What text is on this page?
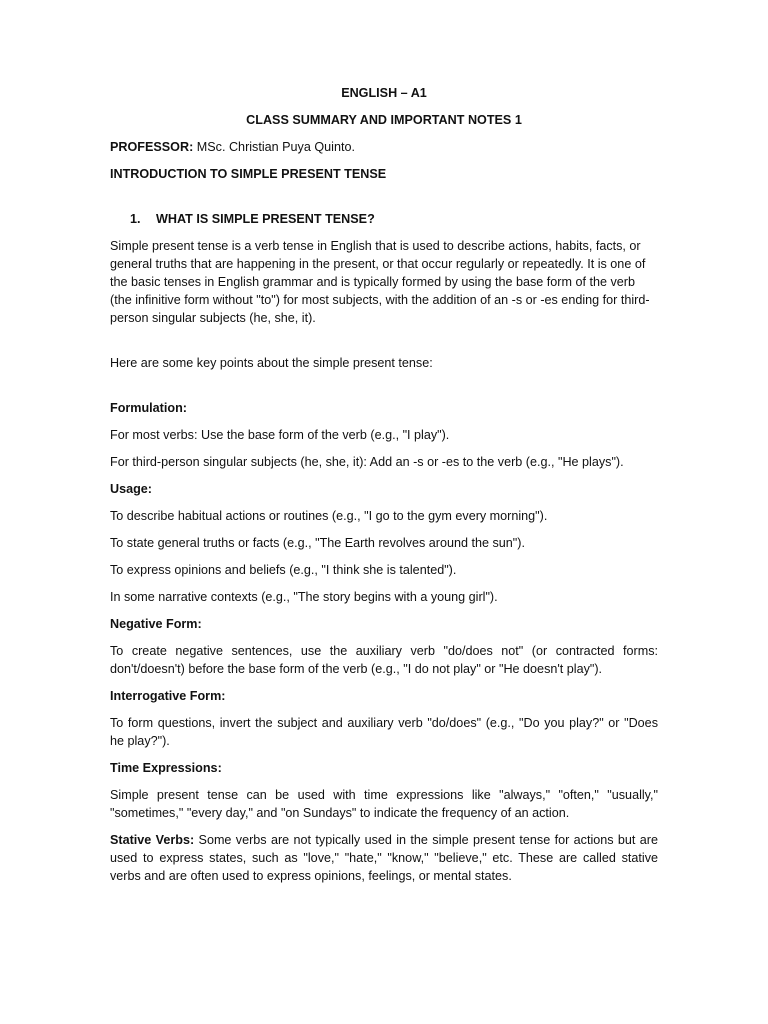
ENGLISH – A1

CLASS SUMMARY AND IMPORTANT NOTES 1

PROFESSOR: MSc. Christian Puya Quinto.

INTRODUCTION TO SIMPLE PRESENT TENSE

1.	WHAT IS SIMPLE PRESENT TENSE?

Simple present tense is a verb tense in English that is used to describe actions, habits, facts, or general truths that are happening in the present, or that occur regularly or repeatedly. It is one of the basic tenses in English grammar and is typically formed by using the base form of the verb (the infinitive form without "to") for most subjects, with the addition of an -s or -es ending for third-person singular subjects (he, she, it).

Here are some key points about the simple present tense:

Formulation:

For most verbs: Use the base form of the verb (e.g., "I play").

For third-person singular subjects (he, she, it): Add an -s or -es to the verb (e.g., "He plays").

Usage:

To describe habitual actions or routines (e.g., "I go to the gym every morning").

To state general truths or facts (e.g., "The Earth revolves around the sun").

To express opinions and beliefs (e.g., "I think she is talented").

In some narrative contexts (e.g., "The story begins with a young girl").

Negative Form:

To create negative sentences, use the auxiliary verb "do/does not" (or contracted forms: don't/doesn't) before the base form of the verb (e.g., "I do not play" or "He doesn't play").

Interrogative Form:

To form questions, invert the subject and auxiliary verb "do/does" (e.g., "Do you play?" or "Does he play?").

Time Expressions:

Simple present tense can be used with time expressions like "always," "often," "usually," "sometimes," "every day," and "on Sundays" to indicate the frequency of an action.

Stative Verbs: Some verbs are not typically used in the simple present tense for actions but are used to express states, such as "love," "hate," "know," "believe," etc. These are called stative verbs and are often used to express opinions, feelings, or mental states.
